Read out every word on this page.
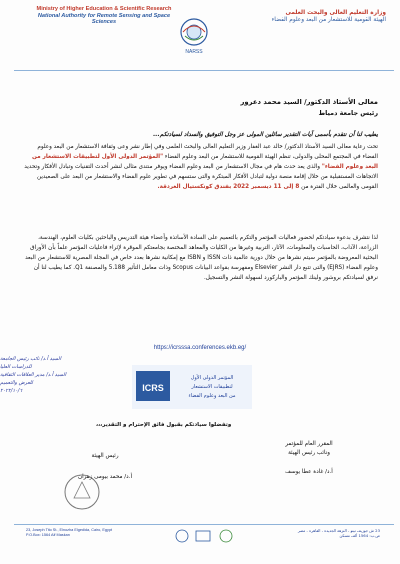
Ministry of Higher Education & Scientific Research
National Authority for Remote Sensing and Space Sciences
NARSS
وزارة التعليم العالى والبحث العلمى
الهيئة القومية للاستشعار من البعد وعلوم الفضاء
معالى الأستاذ الدكتور/ السيد محمد دعرور
رئيس جامعة دمياط
يطيب لنا أن نتقدم بأسمى آيات التقدير سائلين المولى عز وجل التوفيق والسداد لسيادتكم...
تحت رعاية معالى السيد الأستاذ الدكتور/ خالد عبد الغفار وزير التعليم العالى والبحث العلمى وفي إطار نشر وعى وثقافة الاستشعار من البعد وعلوم الفضاء في المجتمع المحلى والدولى، تنظم الهيئة القومية للاستشعار من البعد وعلوم الفضاء "المؤتمر الدولى الأول لتطبيقات الاستشعار من البعد وعلوم الفضاء" والذى يعد حدث هام في مجال الاستشعار من البعد وعلوم الفضاء ويوفر منتدى مثالى لنشر أحدث التقنيات وتبادل الأفكار وتحديد الاتجاهات المستقبلية من خلال إقامة منصة دولية لتبادل الأفكار المبتكرة والتى ستسهم في تطوير علوم الفضاء والاستشعار من البعد على الصعيدين القومى والعالمى خلال الفترة من 8 إلى 11 ديسمبر 2022 بفندق كونكستيال الغردقة.
لذا نتشرف بدعوة سيادتكم لحضور فعاليات المؤتمر والتكرم بالتعميم على السادة الأساتذة وأعضاء هيئة التدريس والباحثين بكليات العلوم، الهندسة، الزراعة، الآداب، الحاسبات والمعلومات، الآثار، التربية وغيرها من الكليات والمعاهد المختصة بجامعتكم الموقرة لإثراء فاعليات المؤتمر علماً بأن الأوراق البحثية المعروضة بالمؤتمر سيتم نشرها من خلال دورية عالمية ذات ISSN و ISBN مع إمكانية نشرها بعدد خاص في المجلة المصرية للاستشعار من البعد وعلوم الفضاء (EJRS) والتى تتبع دار النشر Elsevier ومفهرسة بقواعد البيانات Scopus وذات معامل التأثير 5.188 والمصنفة Q1. كما يطيب لنا أن نرفق لسيادتكم بروشور ولينك المؤتمر والباركورد لسهولة النشر والتسجيل.
https://icrsssa.conferences.ekb.eg/
السيد أ.د/ نائب رئيس الجامعة للدراسات العليا
السيد أ.د/ مدير العلاقات الثقافية
للعرض والتعميم
٢٠٢٢/١٠/٦	ICRS
المؤتمر الدولى الأول
لتطبيقات الاستشعار
من البعد وعلوم الفضاء
وتفضلوا سيادتكم بقبول فائق الإحترام و التقدير،،،
المقرر العام للمؤتمر
ونائب رئيس الهيئة
أ.د/ غادة عطا يوسف
رئيس الهيئة
أ.د/ محمد بيومى زهران
23, Joseph Tito St., Elnozha Elgedida, Cairo, Egypt
P.O.Box: 1564 Alf Maskan
23 ش جوزيف تيتو - النزهة الجديدة - القاهرة - مصر
ص.ب: 1564 ألف مسكن
